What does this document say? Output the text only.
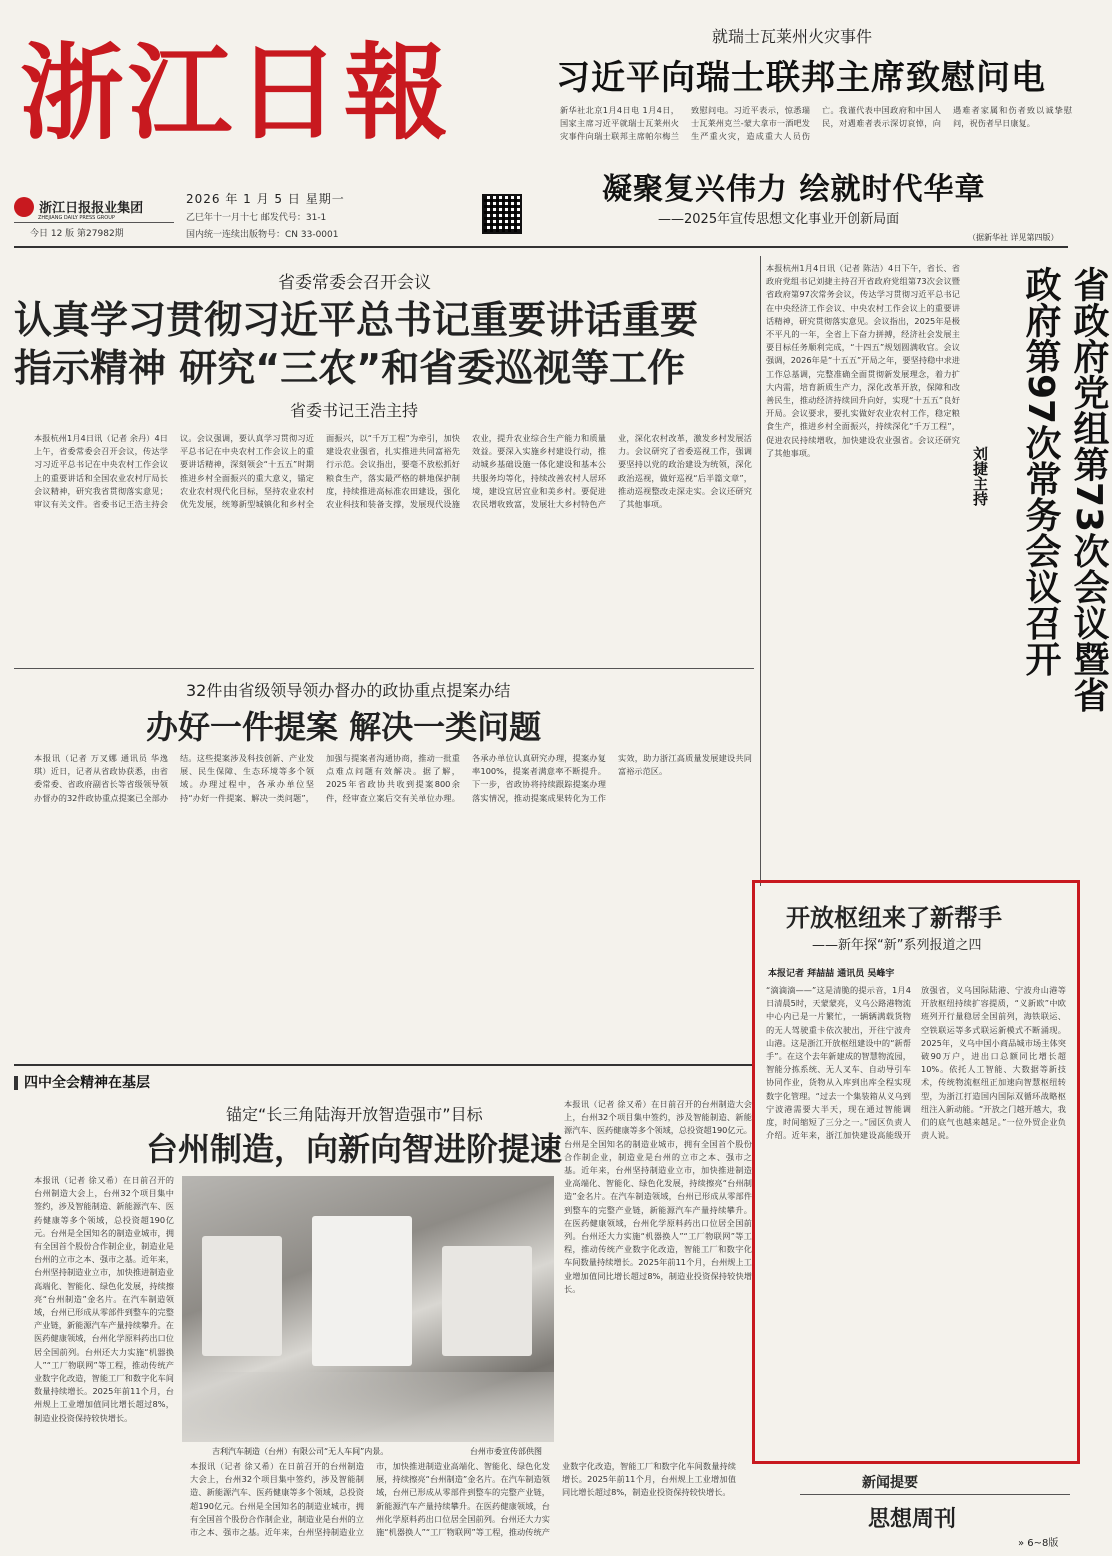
浙江日報
浙江日报报业集团
ZHEJIANG DAILY PRESS GROUP
今日 12 版 第27982期
2026 年 1 月 5 日 星期一
乙巳年十一月十七 邮发代号：31-1
国内统一连续出版物号：CN 33-0001
就瑞士瓦莱州火灾事件
习近平向瑞士联邦主席致慰问电
新华社北京1月4日电 1月4日，国家主席习近平就瑞士瓦莱州火灾事件向瑞士联邦主席帕尔梅兰致慰问电。习近平表示，惊悉瑞士瓦莱州克兰-蒙大拿市一酒吧发生严重火灾，造成重大人员伤亡。我谨代表中国政府和中国人民，对遇难者表示深切哀悼，向遇难者家属和伤者致以诚挚慰问，祝伤者早日康复。
凝聚复兴伟力 绘就时代华章
——2025年宣传思想文化事业开创新局面
（据新华社 详见第四版）
省委常委会召开会议
认真学习贯彻习近平总书记重要讲话重要
指示精神 研究“三农”和省委巡视等工作
省委书记王浩主持
本报杭州1月4日讯（记者 余丹）4日上午，省委常委会召开会议，传达学习习近平总书记在中央农村工作会议上的重要讲话和全国农业农村厅局长会议精神，研究我省贯彻落实意见；审议有关文件。省委书记王浩主持会议。会议强调，要认真学习贯彻习近平总书记在中央农村工作会议上的重要讲话精神，深刻领会“十五五”时期推进乡村全面振兴的重大意义，锚定农业农村现代化目标，坚持农业农村优先发展，统筹新型城镇化和乡村全面振兴，以“千万工程”为牵引，加快建设农业强省，扎实推进共同富裕先行示范。会议指出，要毫不放松抓好粮食生产，落实最严格的耕地保护制度，持续推进高标准农田建设，强化农业科技和装备支撑，发展现代设施农业，提升农业综合生产能力和质量效益。要深入实施乡村建设行动，推动城乡基础设施一体化建设和基本公共服务均等化，持续改善农村人居环境，建设宜居宜业和美乡村。要促进农民增收致富，发展壮大乡村特色产业，深化农村改革，激发乡村发展活力。会议研究了省委巡视工作，强调要坚持以党的政治建设为统领，深化政治巡视，做好巡视“后半篇文章”，推动巡视整改走深走实。会议还研究了其他事项。
本报杭州1月4日讯（记者 陈洁）4日下午，省长、省政府党组书记刘捷主持召开省政府党组第73次会议暨省政府第97次常务会议，传达学习贯彻习近平总书记在中央经济工作会议、中央农村工作会议上的重要讲话精神，研究贯彻落实意见。会议指出，2025年是极不平凡的一年，全省上下奋力拼搏，经济社会发展主要目标任务顺利完成，“十四五”规划圆满收官。会议强调，2026年是“十五五”开局之年，要坚持稳中求进工作总基调，完整准确全面贯彻新发展理念，着力扩大内需，培育新质生产力，深化改革开放，保障和改善民生，推动经济持续回升向好，实现“十五五”良好开局。会议要求，要扎实做好农业农村工作，稳定粮食生产，推进乡村全面振兴，持续深化“千万工程”，促进农民持续增收，加快建设农业强省。会议还研究了其他事项。	省政府党组第73次会议暨省政府第97次常务会议召开
刘捷主持
32件由省级领导领办督办的政协重点提案办结
办好一件提案 解决一类问题
本报讯（记者 万叉娜 通讯员 华逸琪）近日，记者从省政协获悉，由省委常委、省政府副省长等省级领导领办督办的32件政协重点提案已全部办结。这些提案涉及科技创新、产业发展、民生保障、生态环境等多个领域。办理过程中，各承办单位坚持“办好一件提案、解决一类问题”，加强与提案者沟通协商，推动一批重点难点问题有效解决。据了解，2025年省政协共收到提案800余件，经审查立案后交有关单位办理。各承办单位认真研究办理，提案办复率100%，提案者满意率不断提升。下一步，省政协将持续跟踪提案办理落实情况，推动提案成果转化为工作实效，助力浙江高质量发展建设共同富裕示范区。
四中全会精神在基层
锚定“长三角陆海开放智造强市”目标
台州制造，向新向智进阶提速
本报讯（记者 徐又希）在日前召开的台州制造大会上，台州32个项目集中签约，涉及智能制造、新能源汽车、医药健康等多个领域，总投资超190亿元。台州是全国知名的制造业城市，拥有全国首个股份合作制企业，制造业是台州的立市之本、强市之基。近年来，台州坚持制造业立市，加快推进制造业高端化、智能化、绿色化发展，持续擦亮“台州制造”金名片。在汽车制造领域，台州已形成从零部件到整车的完整产业链，新能源汽车产量持续攀升。在医药健康领域，台州化学原料药出口位居全国前列。台州还大力实施“机器换人”“工厂物联网”等工程，推动传统产业数字化改造，智能工厂和数字化车间数量持续增长。2025年前11个月，台州规上工业增加值同比增长超过8%，制造业投资保持较快增长。
吉利汽车制造（台州）有限公司“无人车间”内景。	台州市委宣传部供图
本报讯（记者 徐又希）在日前召开的台州制造大会上，台州32个项目集中签约，涉及智能制造、新能源汽车、医药健康等多个领域，总投资超190亿元。台州是全国知名的制造业城市，拥有全国首个股份合作制企业，制造业是台州的立市之本、强市之基。近年来，台州坚持制造业立市，加快推进制造业高端化、智能化、绿色化发展，持续擦亮“台州制造”金名片。在汽车制造领域，台州已形成从零部件到整车的完整产业链，新能源汽车产量持续攀升。在医药健康领域，台州化学原料药出口位居全国前列。台州还大力实施“机器换人”“工厂物联网”等工程，推动传统产业数字化改造，智能工厂和数字化车间数量持续增长。2025年前11个月，台州规上工业增加值同比增长超过8%，制造业投资保持较快增长。
本报讯（记者 徐又希）在日前召开的台州制造大会上，台州32个项目集中签约，涉及智能制造、新能源汽车、医药健康等多个领域，总投资超190亿元。台州是全国知名的制造业城市，拥有全国首个股份合作制企业，制造业是台州的立市之本、强市之基。近年来，台州坚持制造业立市，加快推进制造业高端化、智能化、绿色化发展，持续擦亮“台州制造”金名片。在汽车制造领域，台州已形成从零部件到整车的完整产业链，新能源汽车产量持续攀升。在医药健康领域，台州化学原料药出口位居全国前列。台州还大力实施“机器换人”“工厂物联网”等工程，推动传统产业数字化改造，智能工厂和数字化车间数量持续增长。2025年前11个月，台州规上工业增加值同比增长超过8%，制造业投资保持较快增长。
开放枢纽来了新帮手
——新年探“新”系列报道之四
本报记者 拜喆喆 通讯员 吴峰宇
“滴滴滴——”这是清脆的提示音，1月4日清晨5时，天蒙蒙亮，义乌公路港物流中心内已是一片繁忙，一辆辆满载货物的无人驾驶重卡依次驶出，开往宁波舟山港。这是浙江开放枢纽建设中的“新帮手”。在这个去年新建成的智慧物流园，智能分拣系统、无人叉车、自动导引车协同作业，货物从入库到出库全程实现数字化管理。“过去一个集装箱从义乌到宁波港需要大半天，现在通过智能调度，时间缩短了三分之一。”园区负责人介绍。近年来，浙江加快建设高能级开放强省，义乌国际陆港、宁波舟山港等开放枢纽持续扩容提质，“义新欧”中欧班列开行量稳居全国前列，海铁联运、空铁联运等多式联运新模式不断涌现。2025年，义乌中国小商品城市场主体突破90万户，进出口总额同比增长超10%。依托人工智能、大数据等新技术，传统物流枢纽正加速向智慧枢纽转型，为浙江打造国内国际双循环战略枢纽注入新动能。“开放之门越开越大，我们的底气也越来越足。”一位外贸企业负责人说。
新闻提要
思想周刊
» 6~8版
